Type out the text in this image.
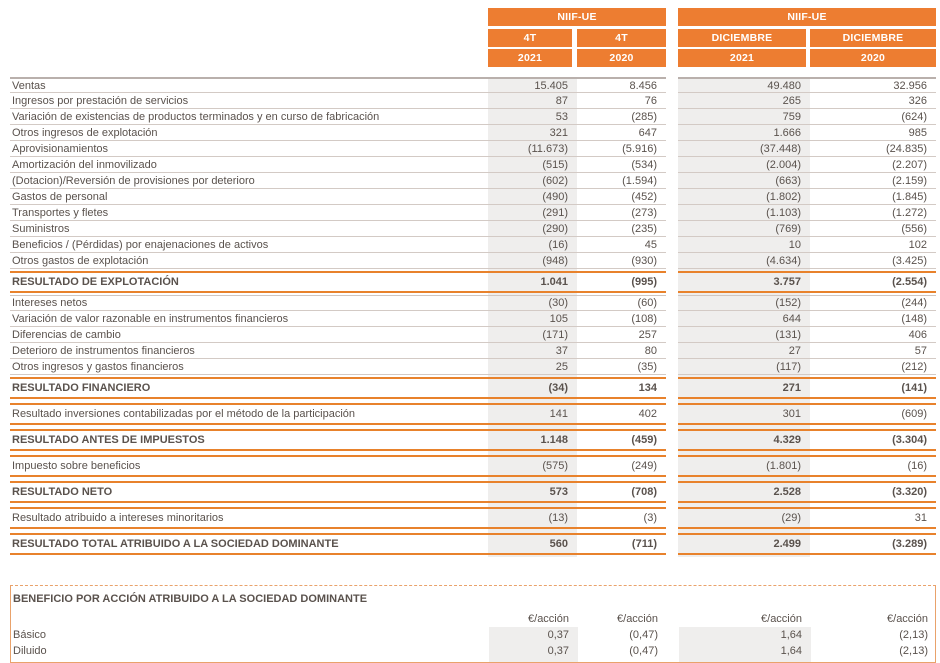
NIIF-UE	NIIF-UE
4T	4T	DICIEMBRE	DICIEMBRE
2021	2020	2021	2020
Ventas	15.405	8.456	49.480	32.956
Ingresos por prestación de servicios	87	76	265	326
Variación de existencias de productos terminados y en curso de fabricación	53	(285)	759	(624)
Otros ingresos de explotación	321	647	1.666	985
Aprovisionamientos	(11.673)	(5.916)	(37.448)	(24.835)
Amortización del inmovilizado	(515)	(534)	(2.004)	(2.207)
(Dotacion)/Reversión de provisiones por deterioro	(602)	(1.594)	(663)	(2.159)
Gastos de personal	(490)	(452)	(1.802)	(1.845)
Transportes y fletes	(291)	(273)	(1.103)	(1.272)
Suministros	(290)	(235)	(769)	(556)
Beneficios / (Pérdidas) por enajenaciones de activos	(16)	45	10	102
Otros gastos de explotación	(948)	(930)	(4.634)	(3.425)
RESULTADO DE EXPLOTACIÓN	1.041	(995)	3.757	(2.554)
Intereses netos	(30)	(60)	(152)	(244)
Variación de valor razonable en instrumentos financieros	105	(108)	644	(148)
Diferencias de cambio	(171)	257	(131)	406
Deterioro de instrumentos financieros	37	80	27	57
Otros ingresos y gastos financieros	25	(35)	(117)	(212)
RESULTADO FINANCIERO	(34)	134	271	(141)
Resultado inversiones contabilizadas por el método de la participación	141	402	301	(609)
RESULTADO ANTES DE IMPUESTOS	1.148	(459)	4.329	(3.304)
Impuesto sobre beneficios	(575)	(249)	(1.801)	(16)
RESULTADO NETO	573	(708)	2.528	(3.320)
Resultado atribuido a intereses minoritarios	(13)	(3)	(29)	31
RESULTADO TOTAL ATRIBUIDO A LA SOCIEDAD DOMINANTE	560	(711)	2.499	(3.289)
BENEFICIO POR ACCIÓN ATRIBUIDO A LA SOCIEDAD DOMINANTE
€/acción	€/acción	€/acción	€/acción
Básico	0,37	(0,47)	1,64	(2,13)
Diluido	0,37	(0,47)	1,64	(2,13)
